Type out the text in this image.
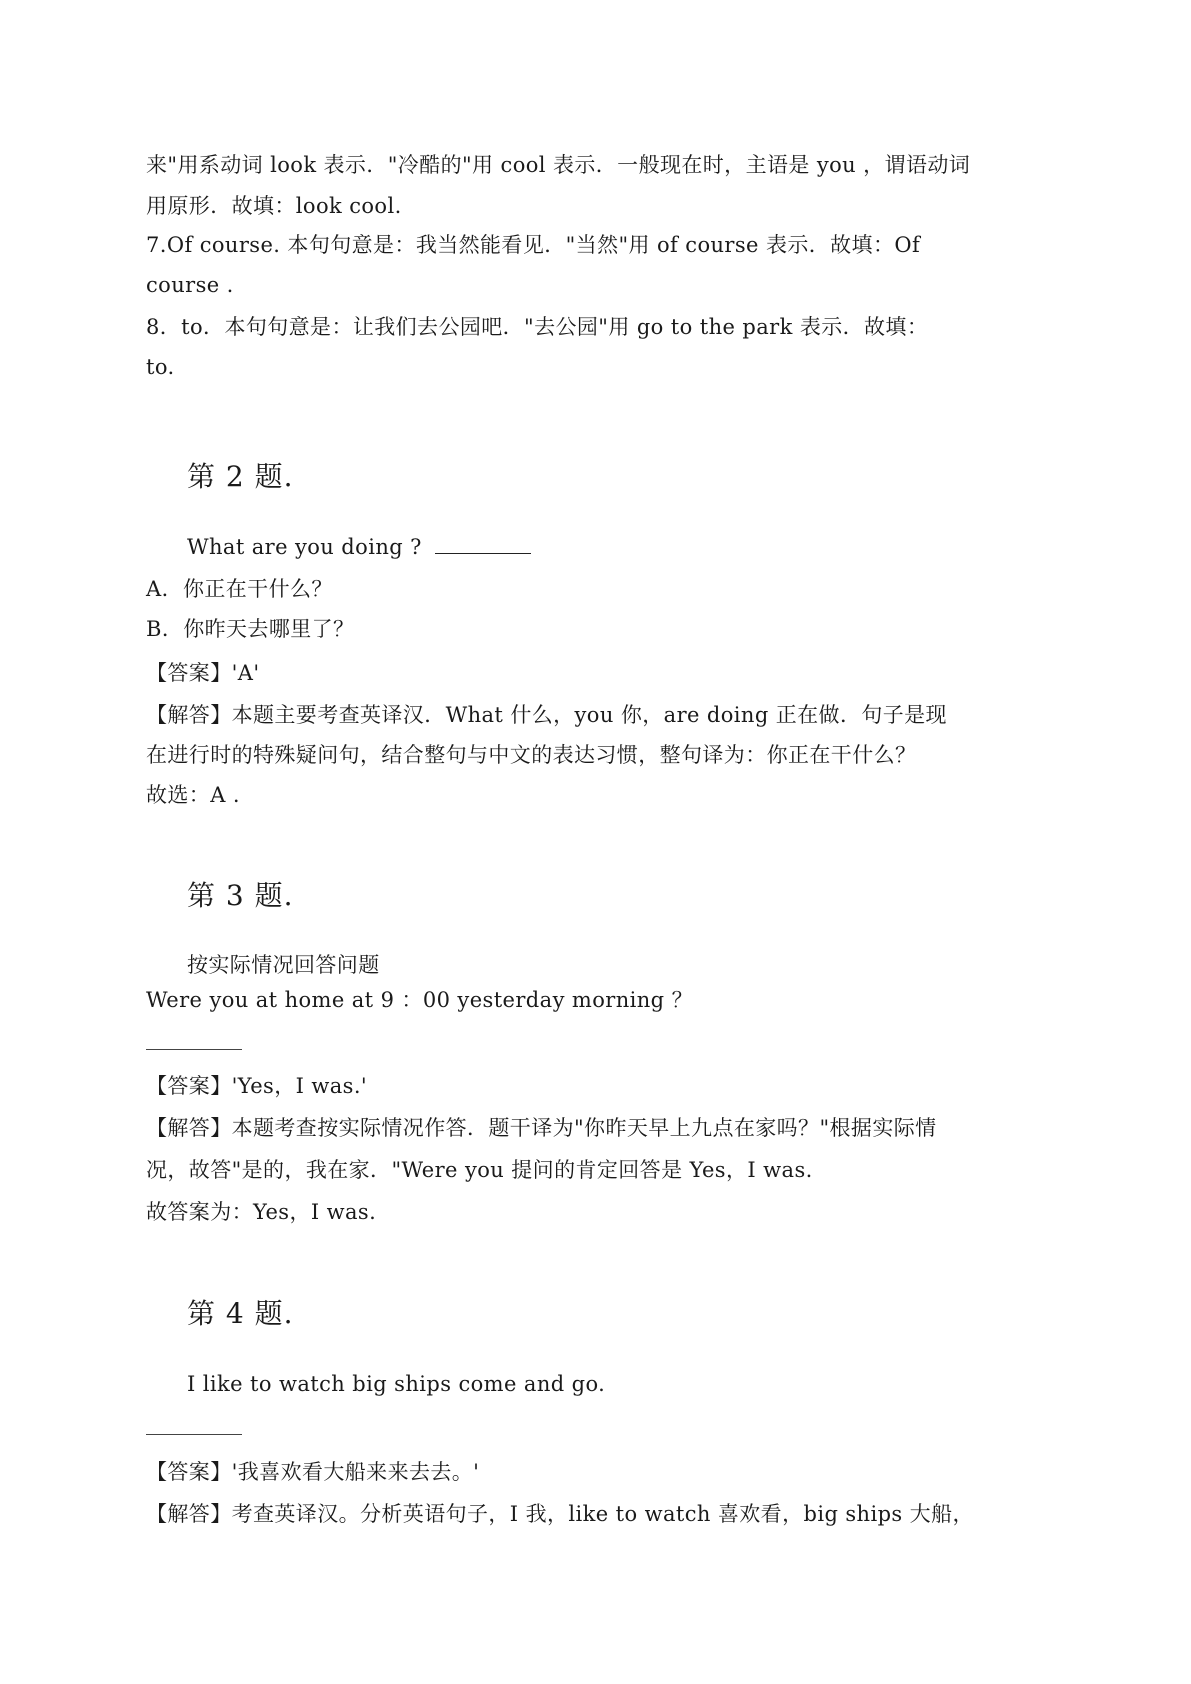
来"用系动词 look 表示．"冷酷的"用 cool 表示．一般现在时，主语是 you ，谓语动词
用原形．故填：look cool.
7.Of course. 本句句意是：我当然能看见．"当然"用 of course 表示．故填：Of
course .
8．to．本句句意是：让我们去公园吧．"去公园"用 go to the park 表示．故填：
to.
第 2 题.
What are you doing ?
A．你正在干什么？
B．你昨天去哪里了？
【答案】'A'
【解答】本题主要考查英译汉．What 什么，you 你，are doing 正在做．句子是现
在进行时的特殊疑问句，结合整句与中文的表达习惯，整句译为：你正在干什么？
故选：A .
第 3 题.
按实际情况回答问题
Were you at home at 9 ：00 yesterday morning ？
【答案】'Yes，I was.'
【解答】本题考查按实际情况作答．题干译为"你昨天早上九点在家吗？"根据实际情
况，故答"是的，我在家．"Were you 提问的肯定回答是 Yes，I was.
故答案为：Yes，I was.
第 4 题.
I like to watch big ships come and go.
【答案】'我喜欢看大船来来去去。'
【解答】考查英译汉。分析英语句子，I 我，like to watch 喜欢看，big ships 大船，
